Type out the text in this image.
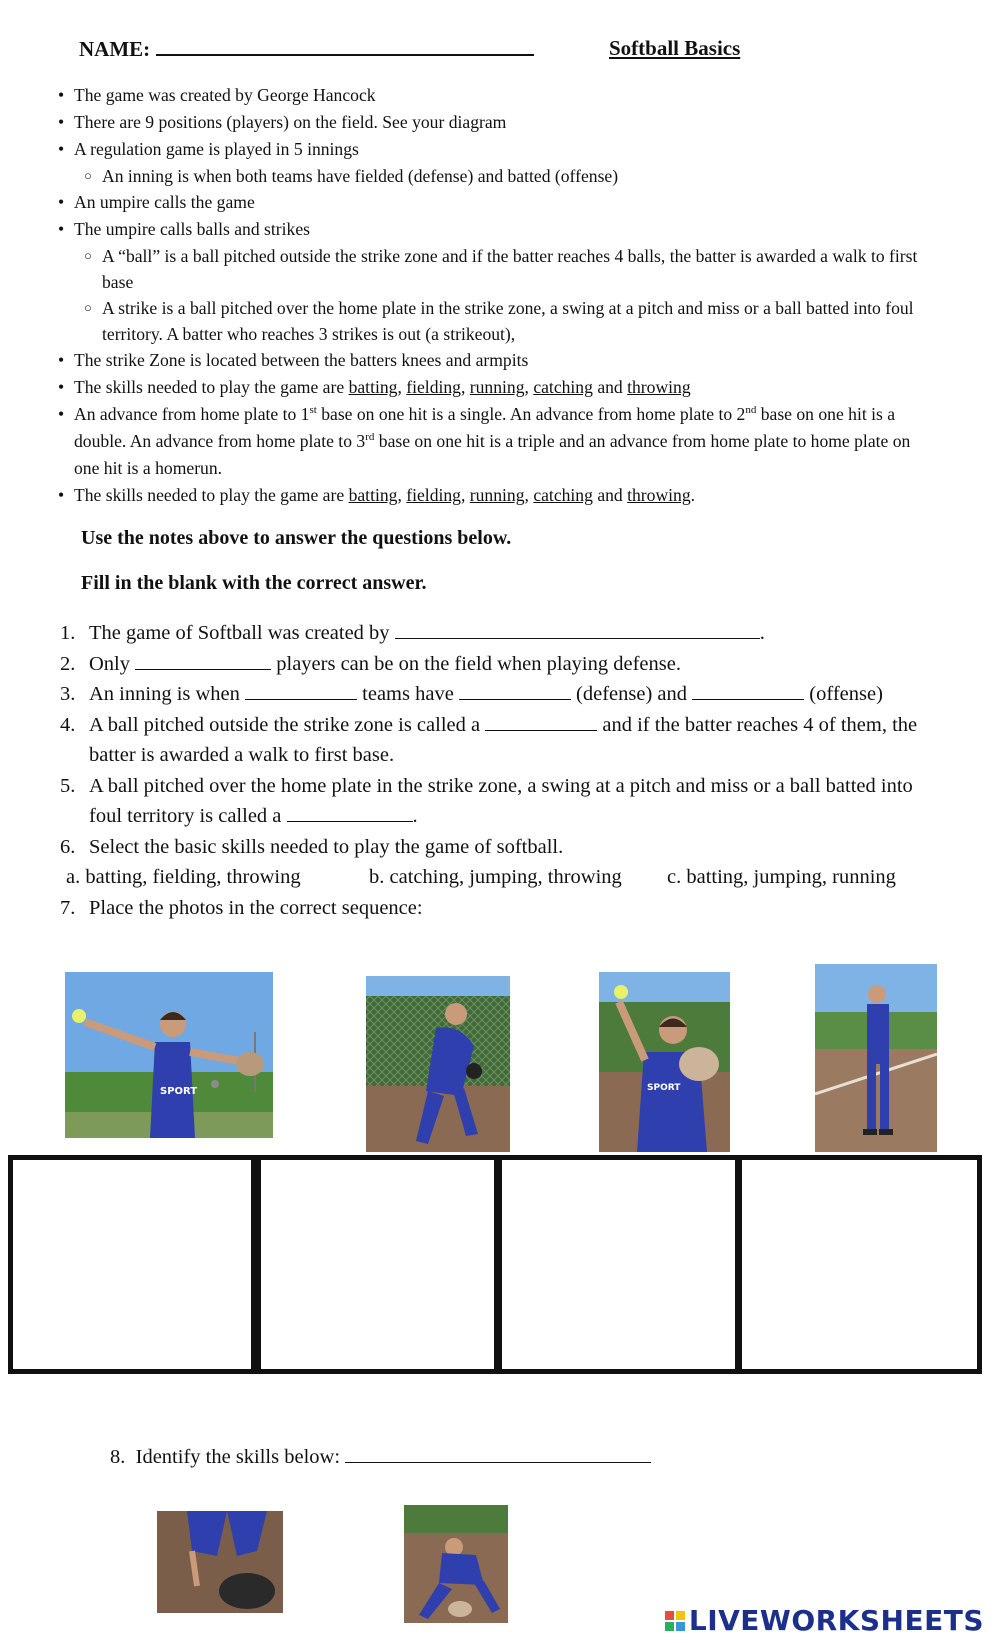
NAME:	Softball Basics
• The game was created by George Hancock
• There are 9 positions (players) on the field. See your diagram
• A regulation game is played in 5 innings
○ An inning is when both teams have fielded (defense) and batted (offense)
• An umpire calls the game
• The umpire calls balls and strikes
○ A “ball” is a ball pitched outside the strike zone and if the batter reaches 4 balls, the batter is awarded a walk to first base
○ A strike is a ball pitched over the home plate in the strike zone, a swing at a pitch and miss or a ball batted into foul territory. A batter who reaches 3 strikes is out (a strikeout),
• The strike Zone is located between the batters knees and armpits
• The skills needed to play the game are batting, fielding, running, catching and throwing
• An advance from home plate to 1st base on one hit is a single. An advance from home plate to 2nd base on one hit is a double. An advance from home plate to 3rd base on one hit is a triple and an advance from home plate to home plate on one hit is a homerun.
• The skills needed to play the game are batting, fielding, running, catching and throwing.
Use the notes above to answer the questions below.
Fill in the blank with the correct answer.
1. The game of Softball was created by	.
2. Only	players can be on the field when playing defense.
3. An inning is when	teams have	(defense) and	(offense)
4. A ball pitched outside the strike zone is called a	and if the batter reaches 4 of them, the batter is awarded a walk to first base.
5. A ball pitched over the home plate in the strike zone, a swing at a pitch and miss or a ball batted into foul territory is called a	.
6. Select the basic skills needed to play the game of softball.
a. batting, fielding, throwing	b. catching, jumping, throwing	c. batting, jumping, running
7. Place the photos in the correct sequence:
SPORT	SPORT
8. Identify the skills below:
LIVEWORKSHEETS
